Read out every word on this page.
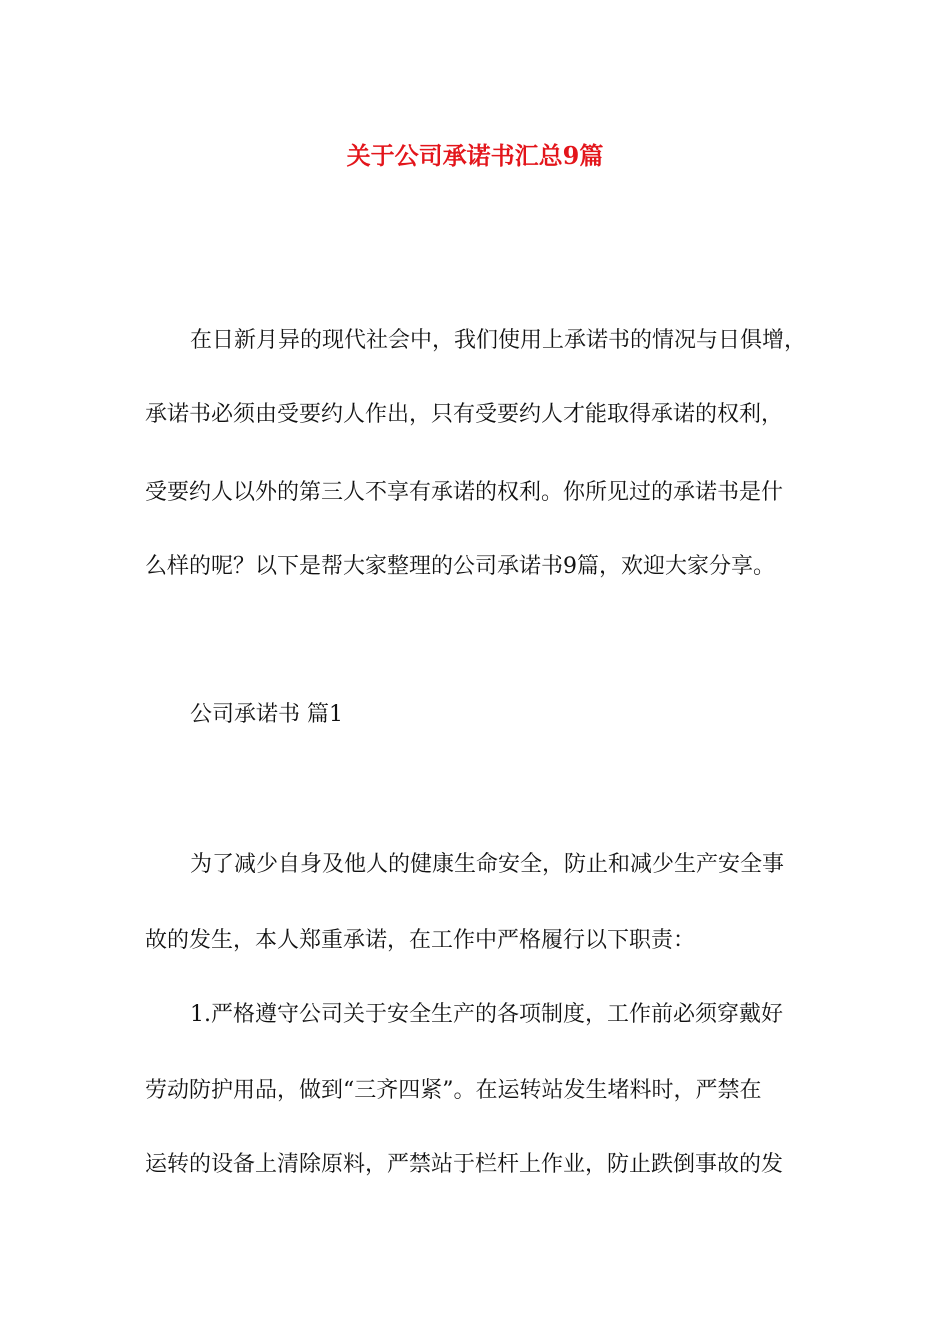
关于公司承诺书汇总9篇
在日新月异的现代社会中，我们使用上承诺书的情况与日俱增，
承诺书必须由受要约人作出，只有受要约人才能取得承诺的权利，
受要约人以外的第三人不享有承诺的权利。你所见过的承诺书是什
么样的呢？以下是帮大家整理的公司承诺书9篇，欢迎大家分享。
公司承诺书 篇1
为了减少自身及他人的健康生命安全，防止和减少生产安全事
故的发生，本人郑重承诺，在工作中严格履行以下职责：
1.严格遵守公司关于安全生产的各项制度，工作前必须穿戴好
劳动防护用品，做到“三齐四紧”。在运转站发生堵料时，严禁在
运转的设备上清除原料，严禁站于栏杆上作业，防止跌倒事故的发
